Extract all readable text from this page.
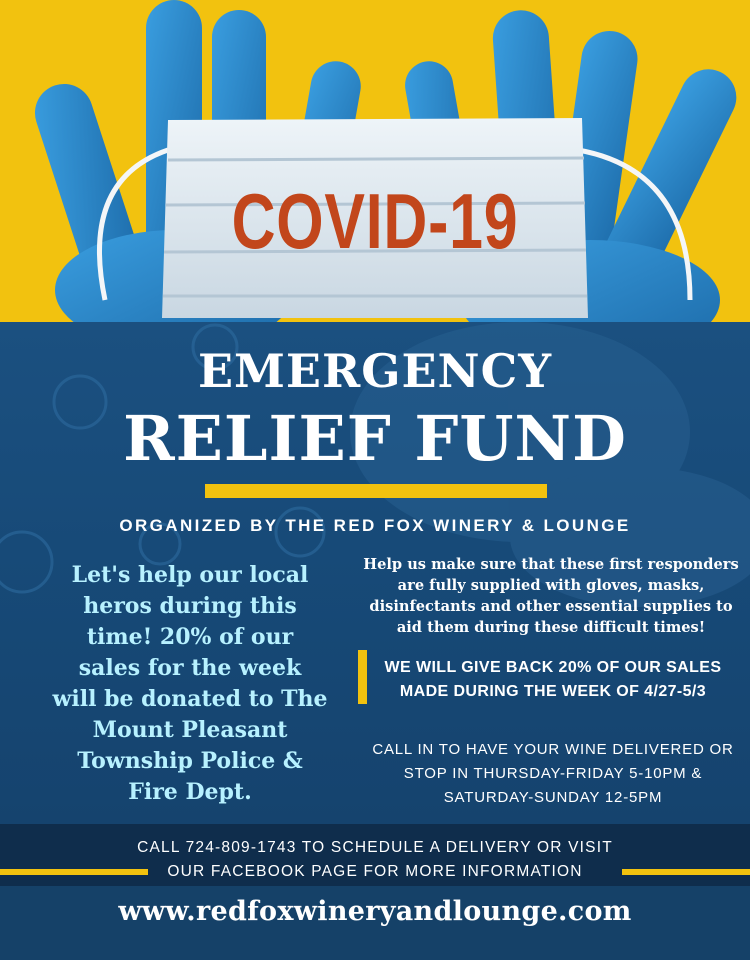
COVID-19
EMERGENCY
RELIEF FUND
ORGANIZED BY THE RED FOX WINERY & LOUNGE
Let's help our local
heros during this
time! 20% of our
sales for the week
will be donated to The
Mount Pleasant
Township Police &
Fire Dept.
Help us make sure that these first responders
are fully supplied with gloves, masks,
disinfectants and other essential supplies to
aid them during these difficult times!
WE WILL GIVE BACK 20% OF OUR SALES
MADE DURING THE WEEK OF 4/27-5/3
CALL IN TO HAVE YOUR WINE DELIVERED OR
STOP IN THURSDAY-FRIDAY 5-10PM &
SATURDAY-SUNDAY 12-5PM
CALL 724-809-1743 TO SCHEDULE A DELIVERY OR VISIT
OUR FACEBOOK PAGE FOR MORE INFORMATION
www.redfoxwineryandlounge.com
